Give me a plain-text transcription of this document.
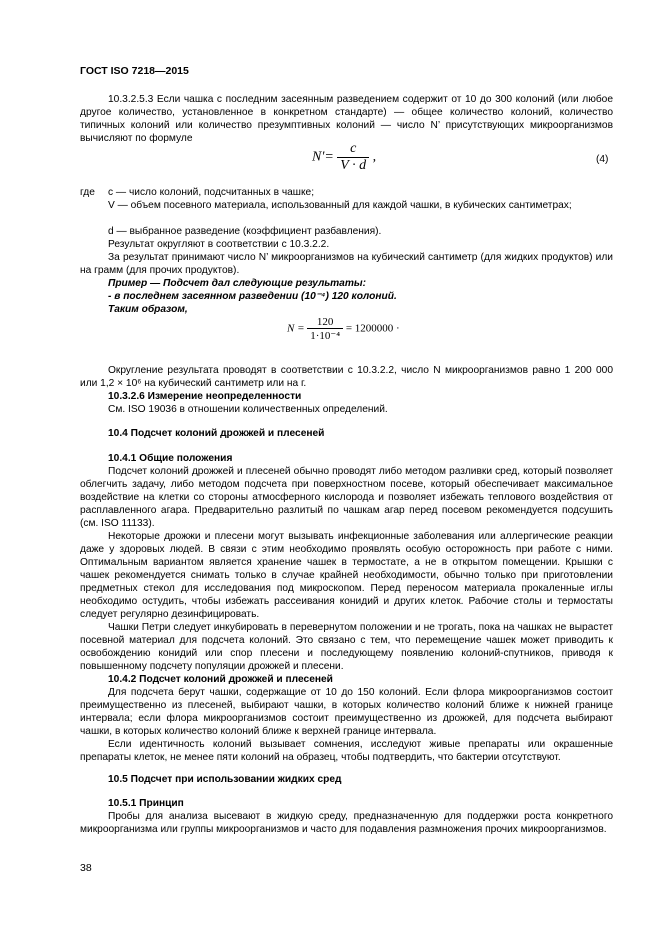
ГОСТ ISO 7218—2015

10.3.2.5.3 Если чашка с последним засеянным разведением содержит от 10 до 300 колоний (или любое другое количество, установленное в конкретном стандарте) — общее количество колоний, количество типичных колоний или количество презумптивных колоний — число N’ присутствующих микроорганизмов вычисляют по формуле

$N'= \frac{c}{V \cdot d}$ ,	(4)
где c — число колоний, подсчитанных в чашке;

V — объем посевного материала, использованный для каждой чашки, в кубических сантиметрах;

d — выбранное разведение (коэффициент разбавления).
Результат округляют в соответствии с 10.3.2.2.

За результат принимают число N’ микроорганизмов на кубический сантиметр (для жидких продуктов) или на грамм (для прочих продуктов).

Пример — Подсчет дал следующие результаты:
- в последнем засеянном разведении (10⁻⁴) 120 колоний.
Таким образом,
$N = \frac{120}{\text{1·10⁻⁴}} = 1200000$ ·

Округление результата проводят в соответствии с 10.3.2.2, число N микроорганизмов равно 1 200 000 или 1,2 × 10⁶ на кубический сантиметр или на г.

10.3.2.6 Измерение неопределенности
См. ISO 19036 в отношении количественных определений.
10.4 Подсчет колоний дрожжей и плесеней
10.4.1 Общие положения

Подсчет колоний дрожжей и плесеней обычно проводят либо методом разливки сред, который позволяет облегчить задачу, либо методом подсчета при поверхностном посеве, который обеспечивает максимальное воздействие на клетки со стороны атмосферного кислорода и позволяет избежать теплового воздействия от расплавленного агара. Предварительно разлитый по чашкам агар перед посевом рекомендуется подсушить (см. ISO 11133).

Некоторые дрожжи и плесени могут вызывать инфекционные заболевания или аллергические реакции даже у здоровых людей. В связи с этим необходимо проявлять особую осторожность при работе с ними. Оптимальным вариантом является хранение чашек в термостате, а не в открытом помещении. Крышки с чашек рекомендуется снимать только в случае крайней необходимости, обычно только при приготовлении предметных стекол для исследования под микроскопом. Перед переносом материала прокаленные иглы необходимо остудить, чтобы избежать рассеивания конидий и других клеток. Рабочие столы и термостаты следует регулярно дезинфицировать.

Чашки Петри следует инкубировать в перевернутом положении и не трогать, пока на чашках не вырастет посевной материал для подсчета колоний. Это связано с тем, что перемещение чашек может приводить к освобождению конидий или спор плесени и последующему появлению колоний-спутников, приводя к повышенному подсчету популяции дрожжей и плесени.

10.4.2 Подсчет колоний дрожжей и плесеней

Для подсчета берут чашки, содержащие от 10 до 150 колоний. Если флора микроорганизмов состоит преимущественно из плесеней, выбирают чашки, в которых количество колоний ближе к нижней границе интервала; если флора микроорганизмов состоит преимущественно из дрожжей, для подсчета выбирают чашки, в которых количество колоний ближе к верхней границе интервала.

Если идентичность колоний вызывает сомнения, исследуют живые препараты или окрашенные препараты клеток, не менее пяти колоний на образец, чтобы подтвердить, что бактерии отсутствуют.

10.5 Подсчет при использовании жидких сред
10.5.1 Принцип

Пробы для анализа высевают в жидкую среду, предназначенную для поддержки роста конкретного микроорганизма или группы микроорганизмов и часто для подавления размножения прочих микроорганизмов.

38
